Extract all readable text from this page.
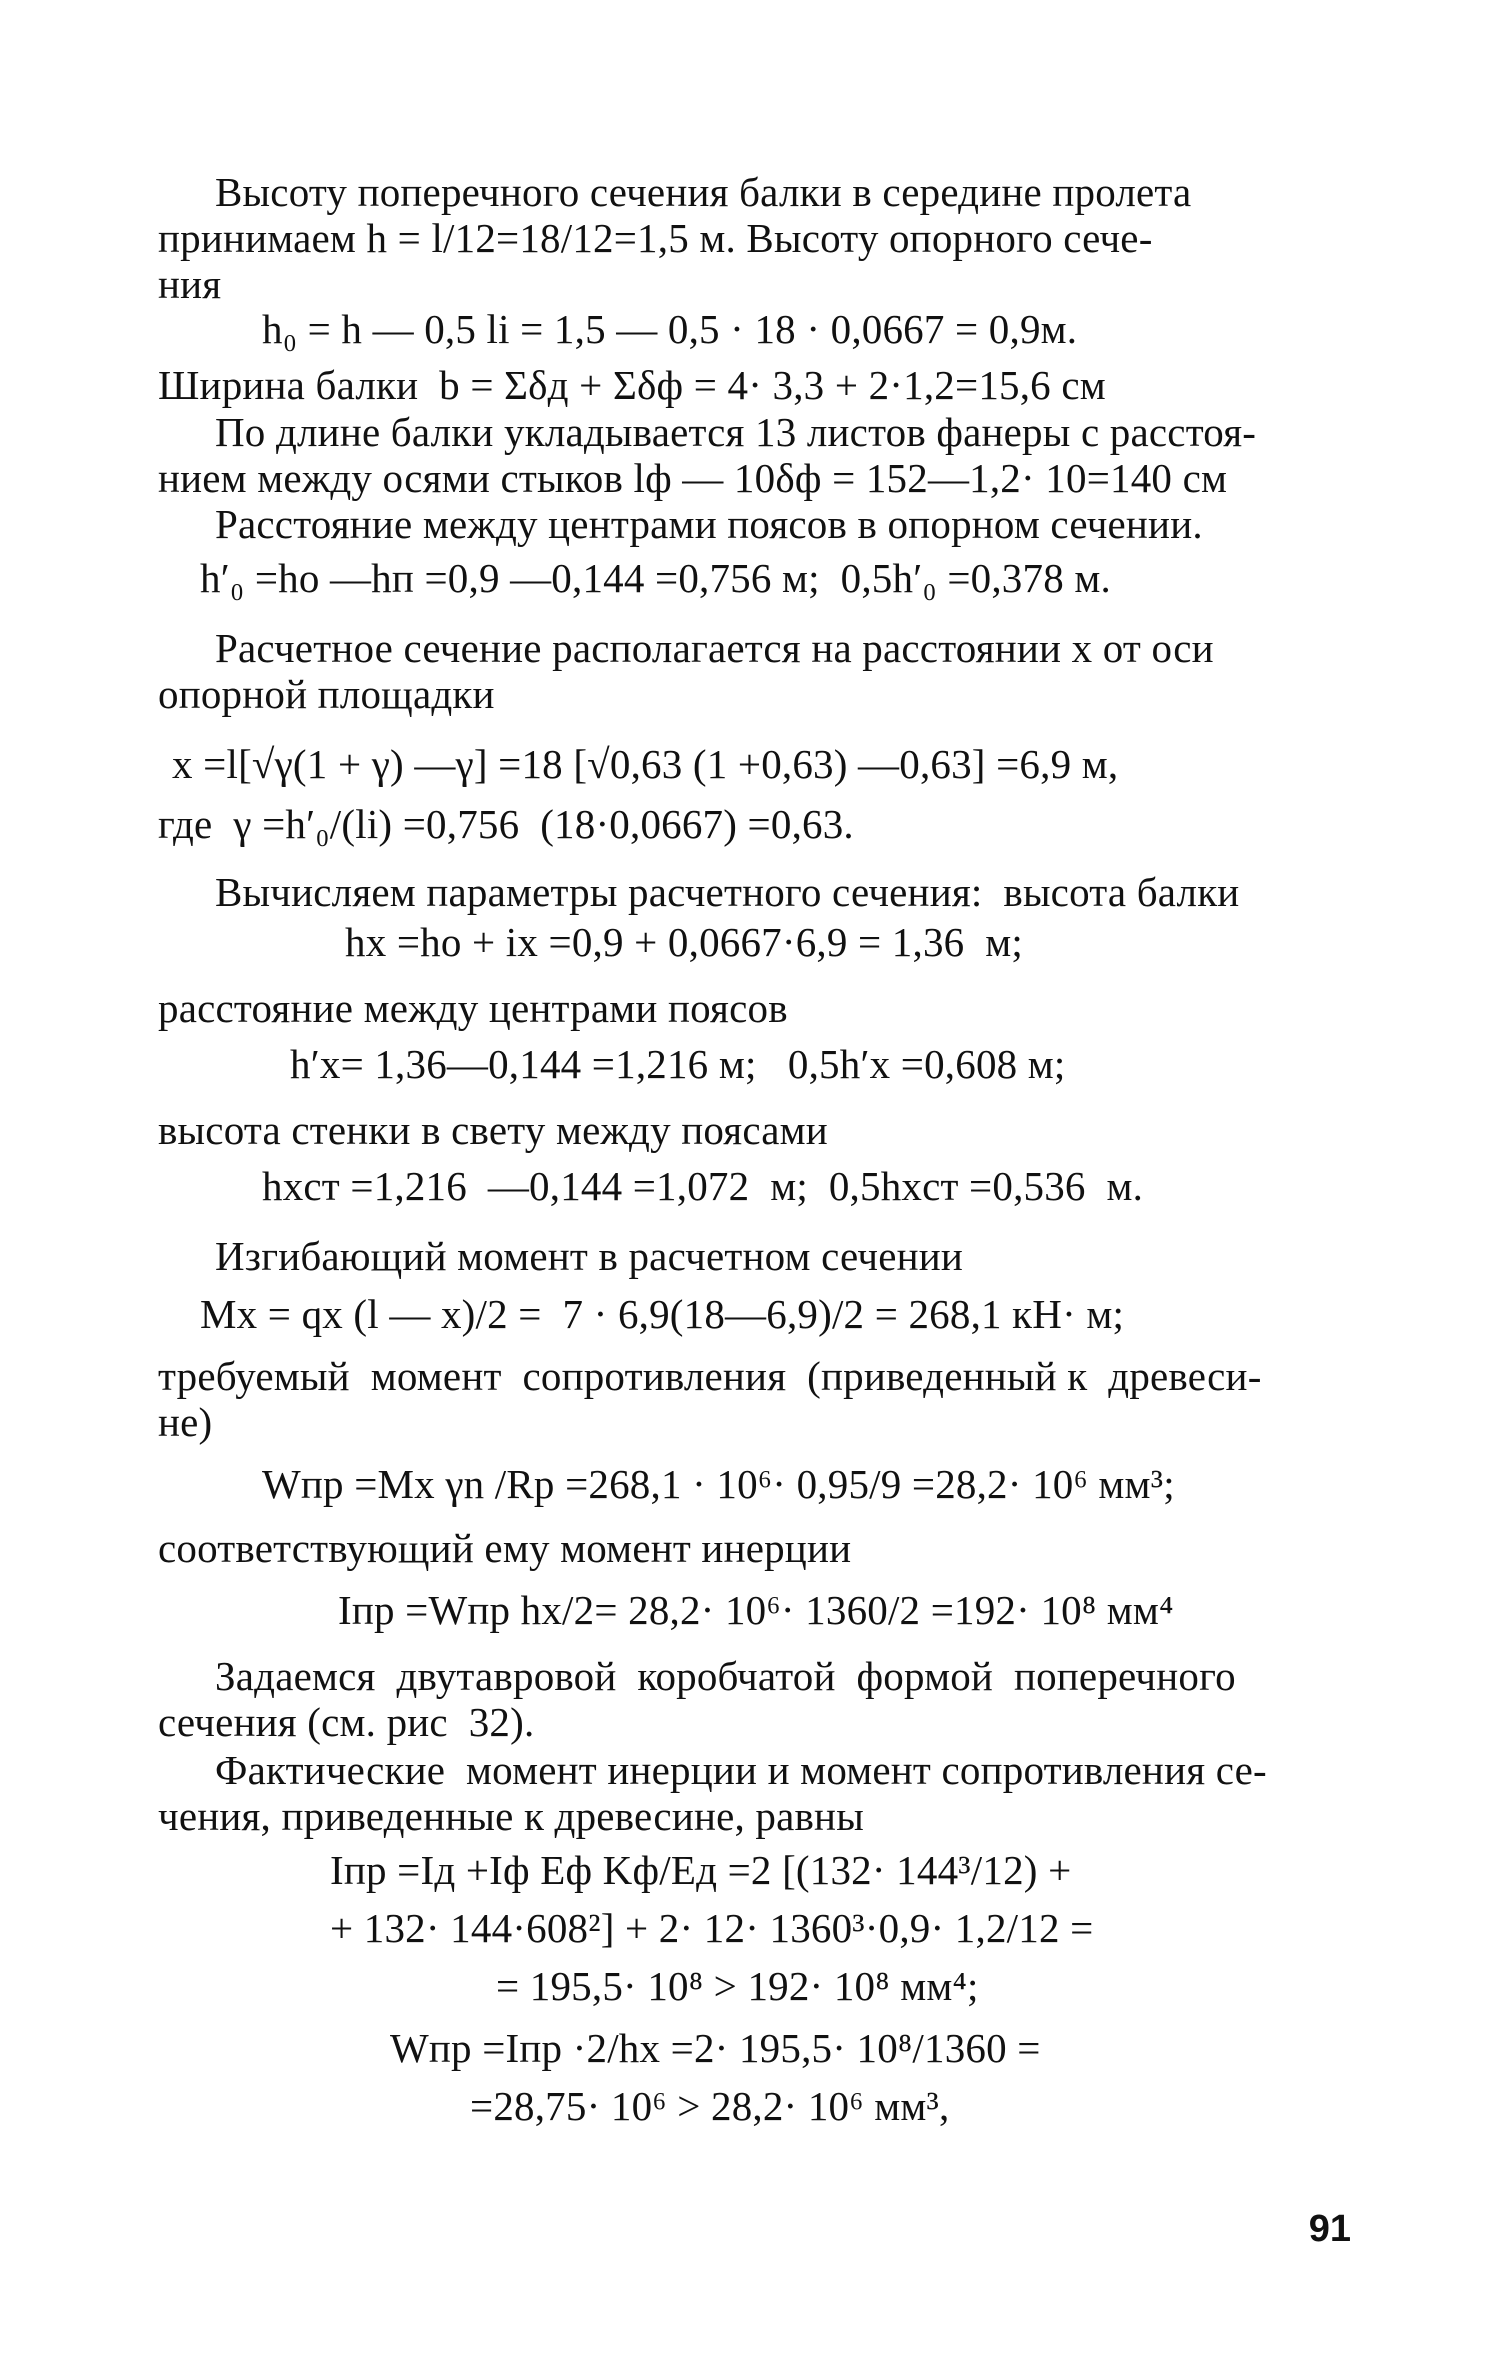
Высоту поперечного сечения балки в середине пролета
принимаем h = l/12=18/12=1,5 м. Высоту опорного сече-
ния
h₀ = h — 0,5 li = 1,5 — 0,5 · 18 · 0,0667 = 0,9м.
Ширина балки  b = Σδд + Σδф = 4· 3,3 + 2·1,2=15,6 см
По длине балки укладывается 13 листов фанеры с расстоя-
нием между осями стыков lф — 10δф = 152—1,2· 10=140 см
Расстояние между центрами поясов в опорном сечении.
h′₀ =hо —hп =0,9 —0,144 =0,756 м;  0,5h′₀ =0,378 м.
Расчетное сечение располагается на расстоянии x от оси
опорной площадки
x =l[√γ(1 + γ) —γ] =18 [√0,63 (1 +0,63) —0,63] =6,9 м,
где  γ =h′₀/(li) =0,756  (18·0,0667) =0,63.
Вычисляем параметры расчетного сечения:  высота балки
hx =hо + ix =0,9 + 0,0667·6,9 = 1,36  м;
расстояние между центрами поясов
h′x= 1,36—0,144 =1,216 м;   0,5h′x =0,608 м;
высота стенки в свету между поясами
hxст =1,216  —0,144 =1,072  м;  0,5hxст =0,536  м.
Изгибающий момент в расчетном сечении
Mx = qx (l — x)/2 =  7 · 6,9(18—6,9)/2 = 268,1 кН· м;
требуемый  момент  сопротивления  (приведенный к  древеси-
не)
Wпр =Mx γn /Rp =268,1 · 10⁶· 0,95/9 =28,2· 10⁶ мм³;
соответствующий ему момент инерции
Iпр =Wпр hx/2= 28,2· 10⁶· 1360/2 =192· 10⁸ мм⁴
Задаемся  двутавровой  коробчатой  формой  поперечного
сечения (см. рис  32).
Фактические  момент инерции и момент сопротивления се-
чения, приведенные к древесине, равны
Iпр =Iд +Iф Eф Kф/Eд =2 [(132· 144³/12) +
+ 132· 144·608²] + 2· 12· 1360³·0,9· 1,2/12 =
= 195,5· 10⁸ > 192· 10⁸ мм⁴;
Wпр =Iпр ·2/hx =2· 195,5· 10⁸/1360 =
=28,75· 10⁶ > 28,2· 10⁶ мм³,
91
